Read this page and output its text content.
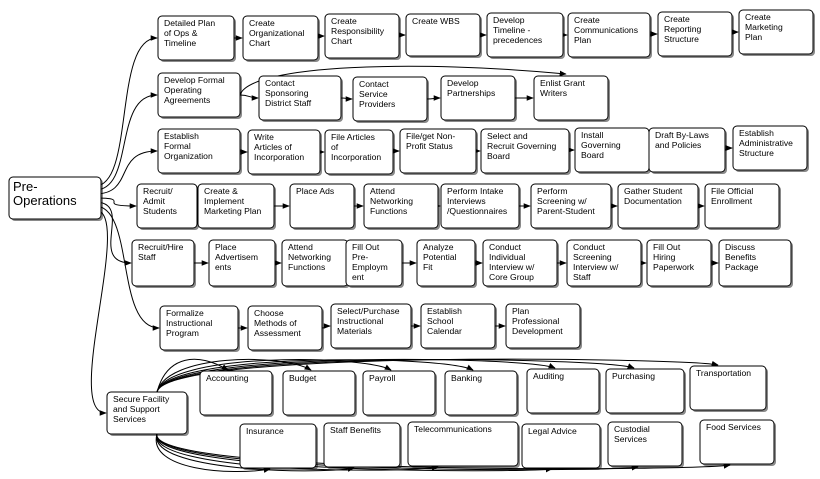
Pre-Operations
Detailed Plan of Ops & Timeline
Create Organizational Chart
Create Responsibility Chart
Create WBS	Develop Timeline -precedences
Create Communications Plan
Create Reporting Structure
Create Marketing Plan
Develop Formal Operating Agreements
Contact Sponsoring District Staff
Contact Service Providers
Develop Partnerships
Enlist Grant Writers
Establish Formal Organization
Write Articles of Incorporation
File Articles of Incorporation
File/get Non-Profit Status
Select and Recruit Governing Board
Install Governing Board
Draft By-Laws and Policies
Establish Administrative Structure
Recruit/ Admit Students
Create & Implement Marketing Plan
Place Ads	Attend Networking Functions
Perform Intake Interviews /Questionnaires
Perform Screening w/ Parent-Student
Gather Student Documentation
File Official Enrollment
Recruit/Hire Staff
Place Advertisem ents
Attend Networking Functions
Fill Out Pre-Employm ent
Analyze Potential Fit
Conduct Individual Interview w/ Core Group
Conduct Screening Interview w/ Staff
Fill Out Hiring Paperwork
Discuss Benefits Package
Formalize Instructional Program
Choose Methods of Assessment
Select/Purchase Instructional Materials
Establish School Calendar
Plan Professional Development
Secure Facility and Support Services
Accounting	Budget	Payroll	Banking	Auditing	Purchasing	Transportation
Insurance	Staff Benefits	Telecommunications	Legal Advice	Custodial Services
Food Services
